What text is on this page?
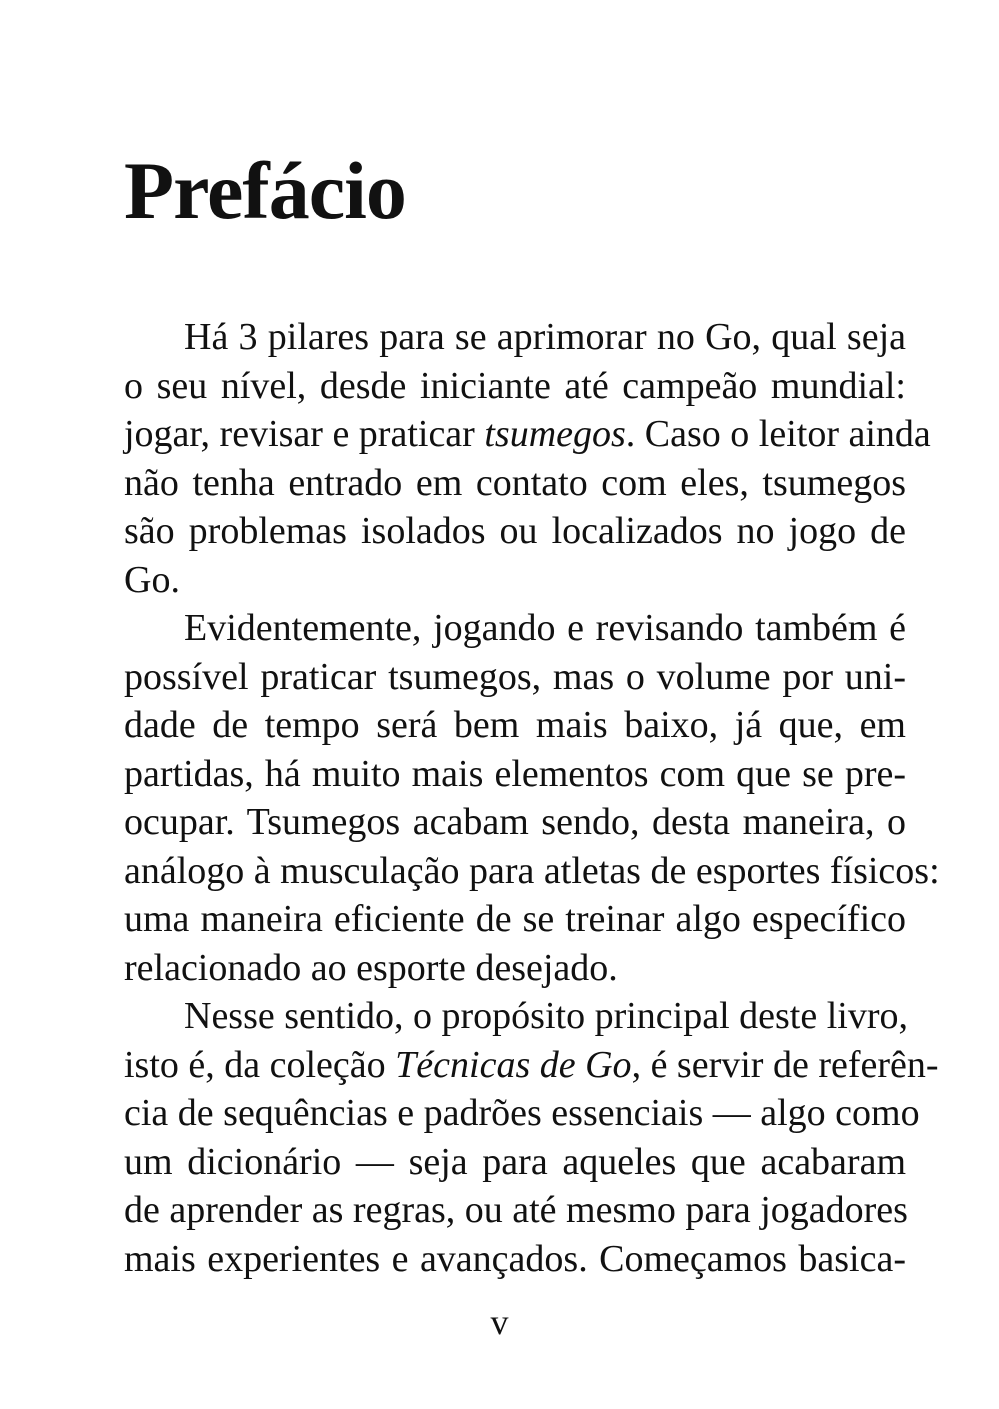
Prefácio
Há 3 pilares para se aprimorar no Go, qual seja
o seu nível, desde iniciante até campeão mundial:
jogar, revisar e praticar tsumegos. Caso o leitor ainda
não tenha entrado em contato com eles, tsumegos
são problemas isolados ou localizados no jogo de
Go.
Evidentemente, jogando e revisando também é
possível praticar tsumegos, mas o volume por uni-
dade de tempo será bem mais baixo, já que, em
partidas, há muito mais elementos com que se pre-
ocupar. Tsumegos acabam sendo, desta maneira, o
análogo à musculação para atletas de esportes físicos:
uma maneira eficiente de se treinar algo específico
relacionado ao esporte desejado.
Nesse sentido, o propósito principal deste livro,
isto é, da coleção Técnicas de Go, é servir de referên-
cia de sequências e padrões essenciais — algo como
um dicionário — seja para aqueles que acabaram
de aprender as regras, ou até mesmo para jogadores
mais experientes e avançados. Começamos basica-
v
